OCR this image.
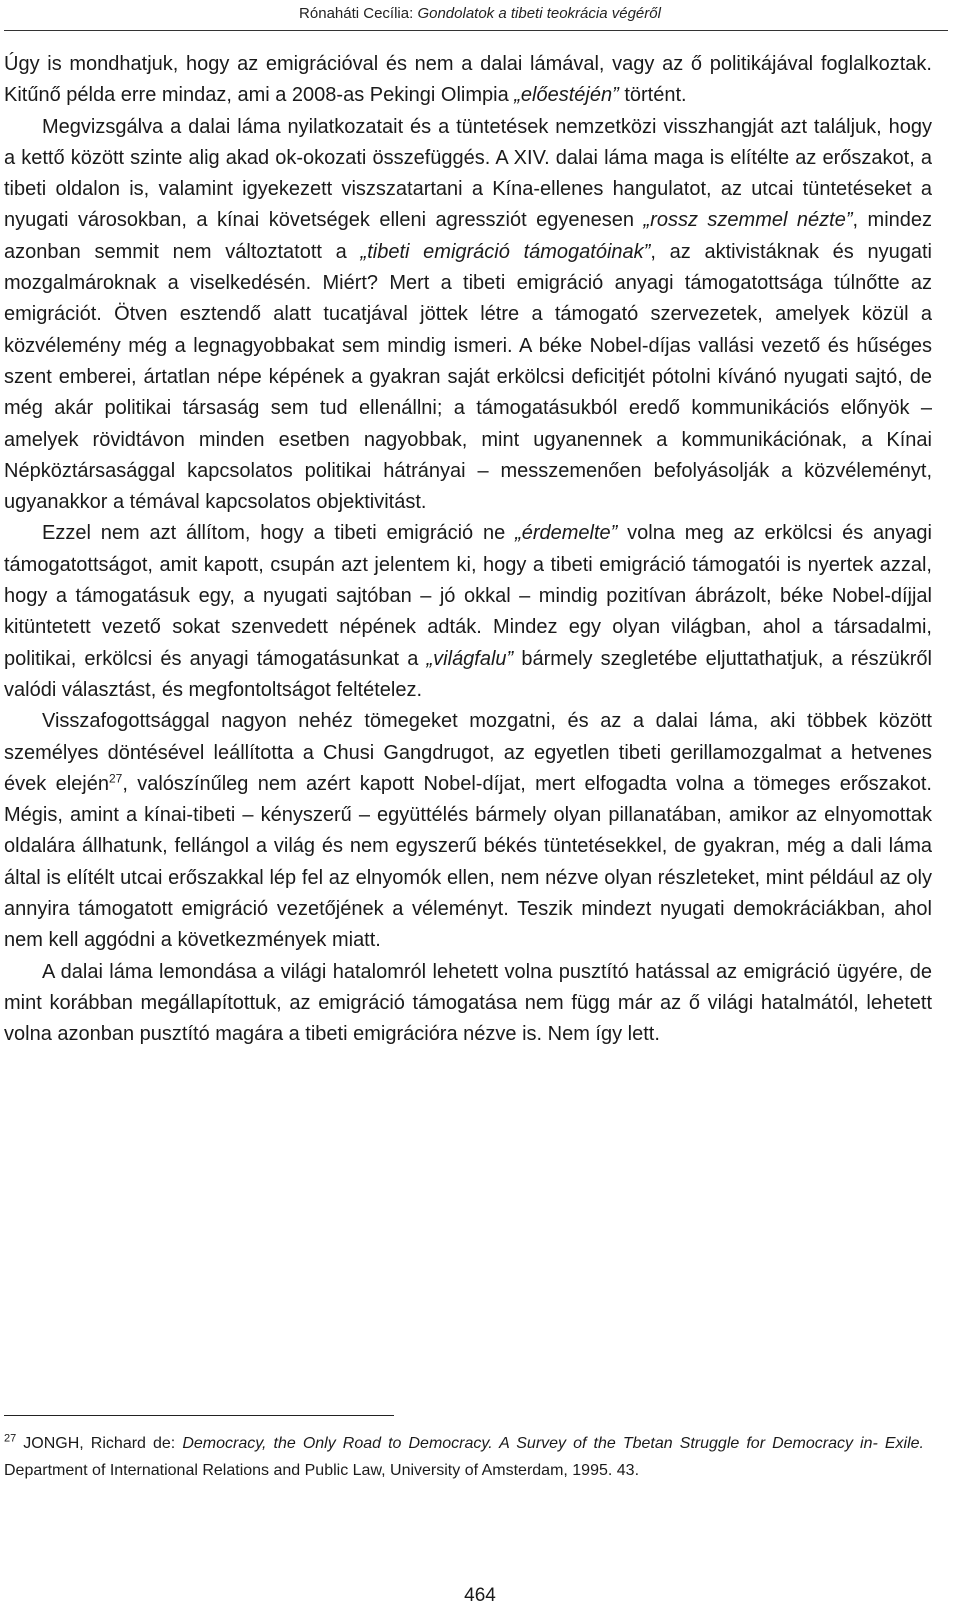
Rónaháti Cecília: Gondolatok a tibeti teokrácia végéről

Úgy is mondhatjuk, hogy az emigrációval és nem a dalai lámával, vagy az ő politikájával foglalkoztak. Kitűnő példa erre mindaz, ami a 2008-as Pekingi Olimpia „előestéjén” történt.

Megvizsgálva a dalai láma nyilatkozatait és a tüntetések nemzetközi visszhangját azt találjuk, hogy a kettő között szinte alig akad ok-okozati összefüggés. A XIV. dalai láma maga is elítélte az erőszakot, a tibeti oldalon is, valamint igyekezett viszszatartani a Kína-ellenes hangulatot, az utcai tüntetéseket a nyugati városokban, a kínai követségek elleni agressziót egyenesen „rossz szemmel nézte”, mindez azonban semmit nem változtatott a „tibeti emigráció támogatóinak”, az aktivistáknak és nyugati mozgalmároknak a viselkedésén. Miért? Mert a tibeti emigráció anyagi támogatottsága túlnőtte az emigrációt. Ötven esztendő alatt tucatjával jöttek létre a támogató szervezetek, amelyek közül a közvélemény még a legnagyobbakat sem mindig ismeri. A béke Nobel-díjas vallási vezető és hűséges szent emberei, ártatlan népe képének a gyakran saját erkölcsi deficitjét pótolni kívánó nyugati sajtó, de még akár politikai társaság sem tud ellenállni; a támogatásukból eredő kommunikációs előnyök – amelyek rövidtávon minden esetben nagyobbak, mint ugyanennek a kommunikációnak, a Kínai Népköztársasággal kapcsolatos politikai hátrányai – messzemenően befolyásolják a közvéleményt, ugyanakkor a témával kapcsolatos objektivitást.

Ezzel nem azt állítom, hogy a tibeti emigráció ne „érdemelte” volna meg az erkölcsi és anyagi támogatottságot, amit kapott, csupán azt jelentem ki, hogy a tibeti emigráció támogatói is nyertek azzal, hogy a támogatásuk egy, a nyugati sajtóban – jó okkal – mindig pozitívan ábrázolt, béke Nobel-díjjal kitüntetett vezető sokat szenvedett népének adták. Mindez egy olyan világban, ahol a társadalmi, politikai, erkölcsi és anyagi támogatásunkat a „világfalu” bármely szegletébe eljuttathatjuk, a részükről valódi választást, és megfontoltságot feltételez.

Visszafogottsággal nagyon nehéz tömegeket mozgatni, és az a dalai láma, aki többek között személyes döntésével leállította a Chusi Gangdrugot, az egyetlen tibeti gerillamozgalmat a hetvenes évek elején$^{27}$, valószínűleg nem azért kapott Nobel-díjat, mert elfogadta volna a tömeges erőszakot. Mégis, amint a kínai-tibeti – kényszerű – együttélés bármely olyan pillanatában, amikor az elnyomottak oldalára állhatunk, fellángol a világ és nem egyszerű békés tüntetésekkel, de gyakran, még a dali láma által is elítélt utcai erőszakkal lép fel az elnyomók ellen, nem nézve olyan részleteket, mint például az oly annyira támogatott emigráció vezetőjének a véleményt. Teszik mindezt nyugati demokráciákban, ahol nem kell aggódni a következmények miatt.

A dalai láma lemondása a világi hatalomról lehetett volna pusztító hatással az emigráció ügyére, de mint korábban megállapítottuk, az emigráció támogatása nem függ már az ő világi hatalmától, lehetett volna azonban pusztító magára a tibeti emigrációra nézve is. Nem így lett.

$^{27}$ JONGH, Richard de: Democracy, the Only Road to Democracy. A Survey of the Tbetan Struggle for Democracy in- Exile. Department of International Relations and Public Law, University of Amsterdam, 1995. 43.
464
